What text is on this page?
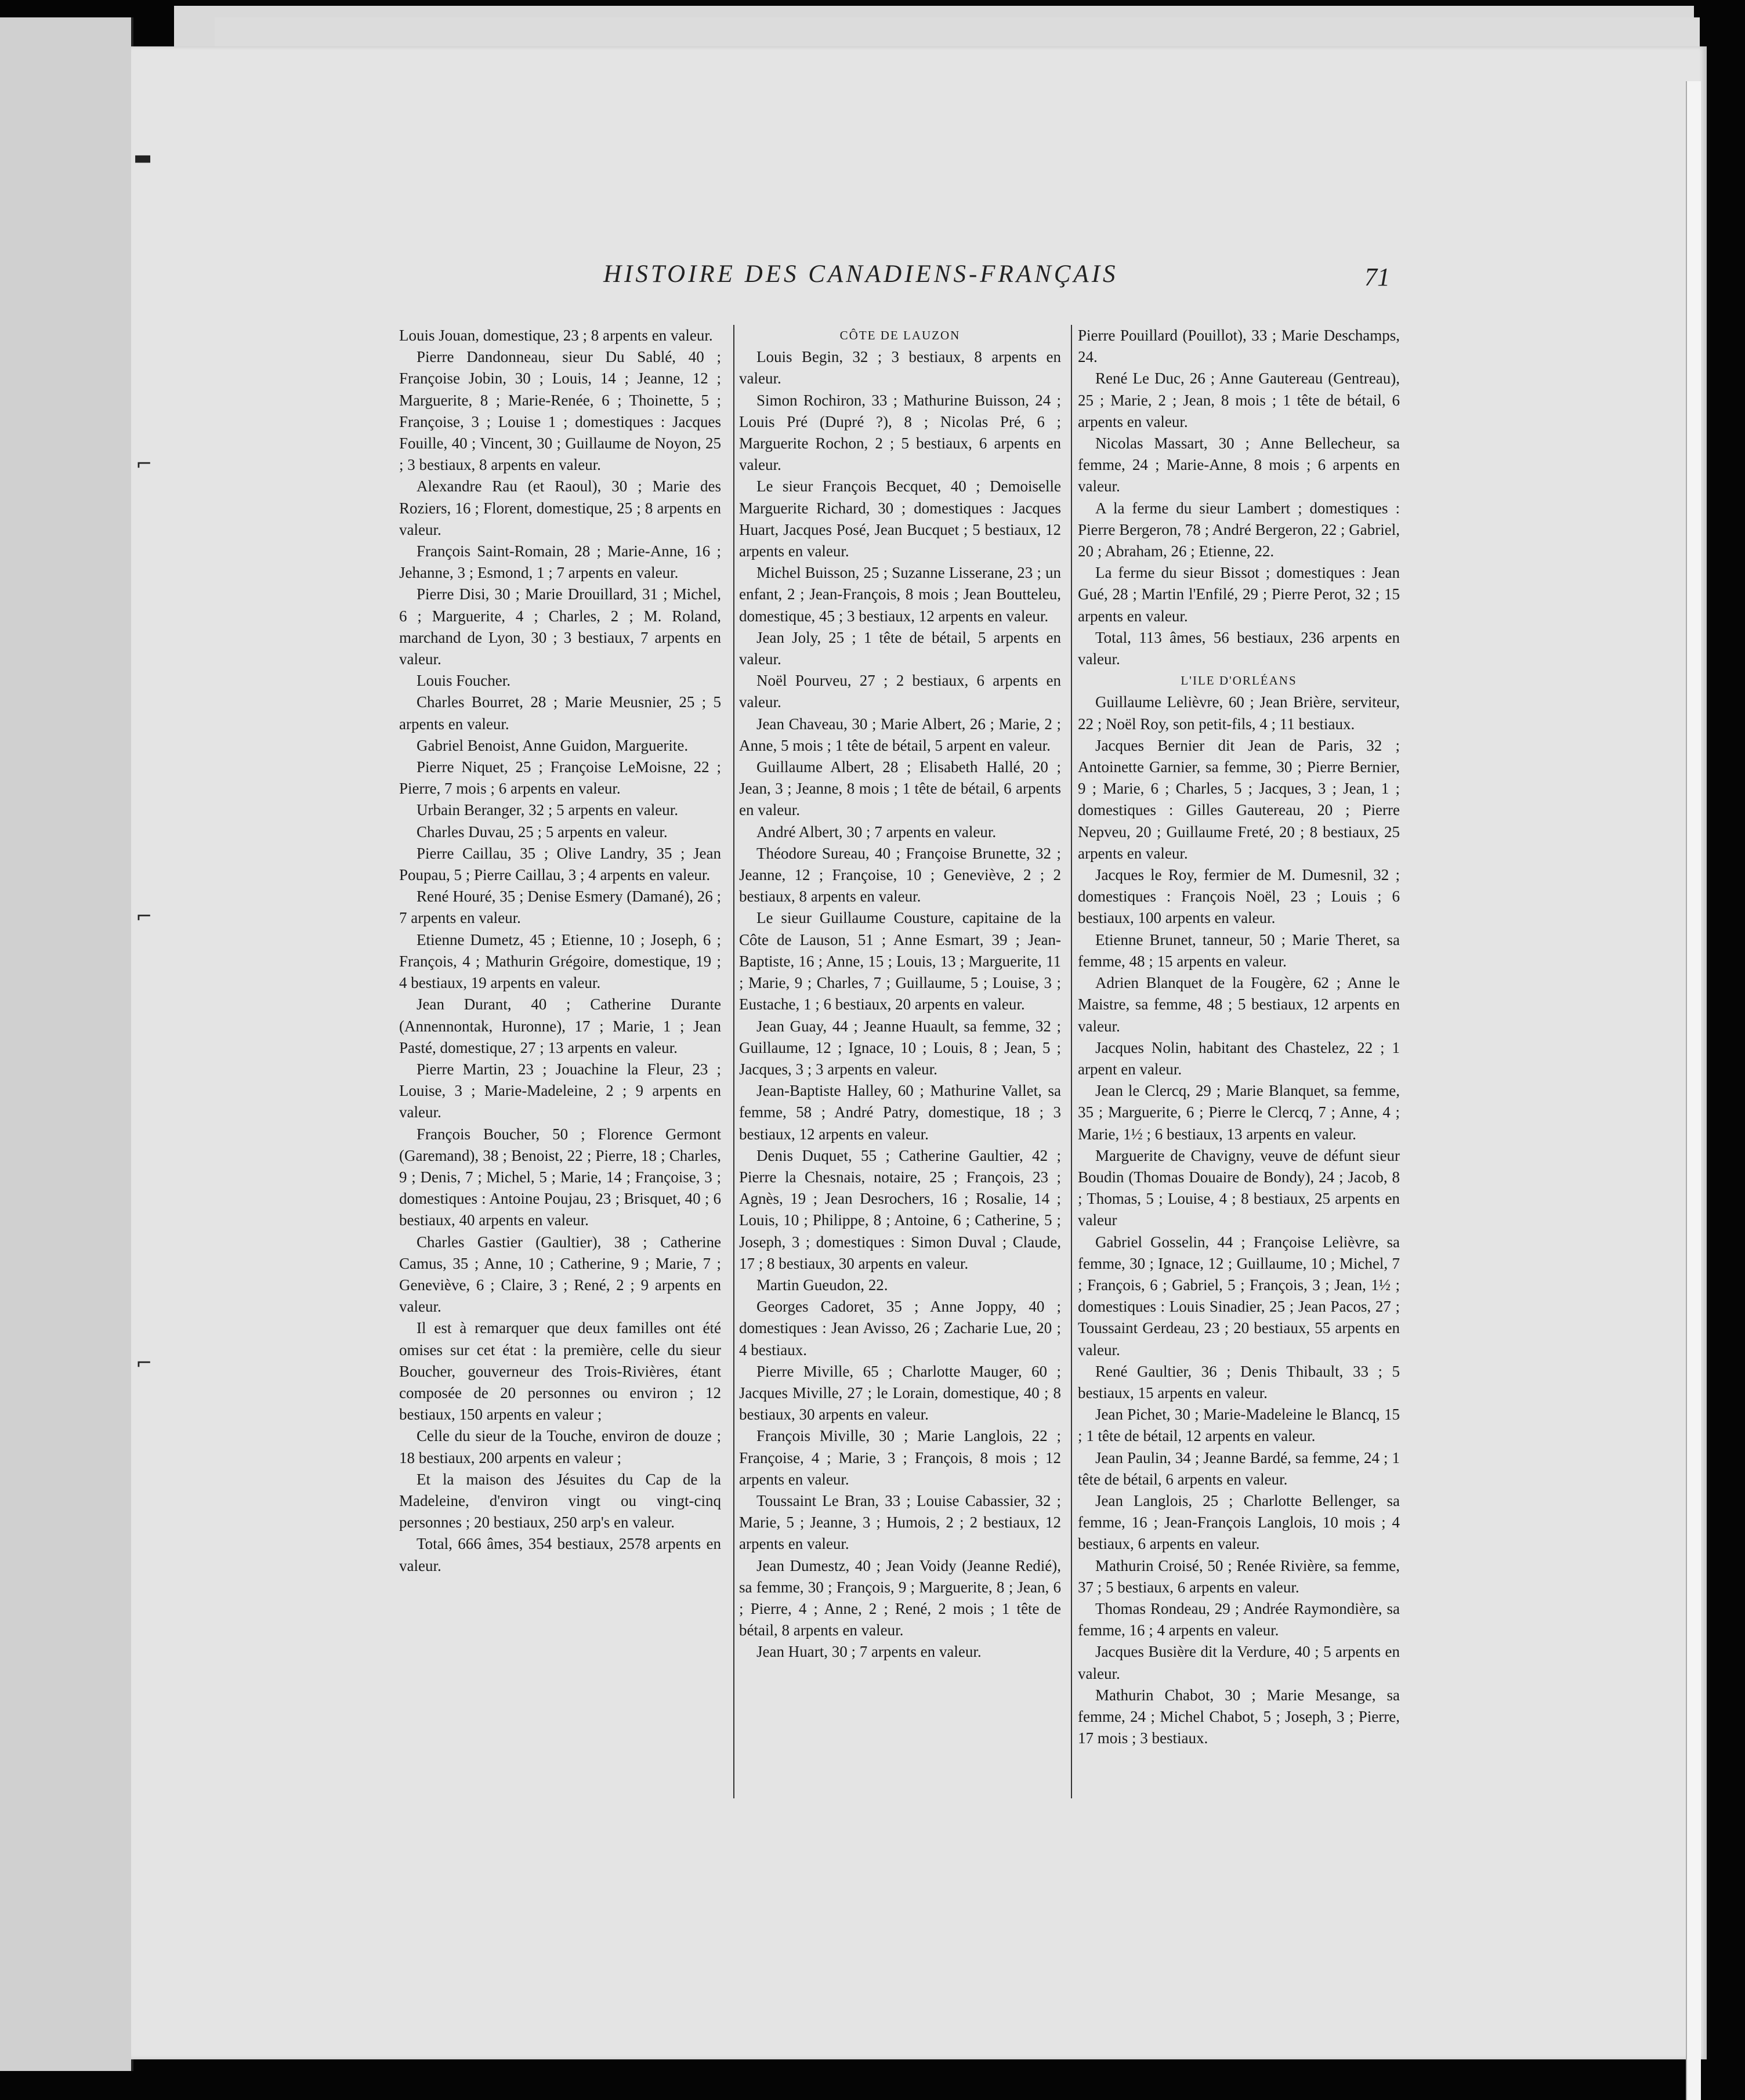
HISTOIRE DES CANADIENS-FRANÇAIS	71

Louis Jouan, domestique, 23 ; 8 arpents en valeur.

Pierre Dandonneau, sieur Du Sablé, 40 ; Françoise Jobin, 30 ; Louis, 14 ; Jeanne, 12 ; Marguerite, 8 ; Marie-Renée, 6 ; Thoinette, 5 ; Françoise, 3 ; Louise 1 ; domestiques : Jacques Fouille, 40 ; Vincent, 30 ; Guillaume de Noyon, 25 ; 3 bestiaux, 8 arpents en valeur.

Alexandre Rau (et Raoul), 30 ; Marie des Roziers, 16 ; Florent, domestique, 25 ; 8 arpents en valeur.

François Saint-Romain, 28 ; Marie-Anne, 16 ; Jehanne, 3 ; Esmond, 1 ; 7 arpents en valeur.

Pierre Disi, 30 ; Marie Drouillard, 31 ; Michel, 6 ; Marguerite, 4 ; Charles, 2 ; M. Roland, marchand de Lyon, 30 ; 3 bestiaux, 7 arpents en valeur.

Louis Foucher.

Charles Bourret, 28 ; Marie Meusnier, 25 ; 5 arpents en valeur.

Gabriel Benoist, Anne Guidon, Marguerite.

Pierre Niquet, 25 ; Françoise LeMoisne, 22 ; Pierre, 7 mois ; 6 arpents en valeur.

Urbain Beranger, 32 ; 5 arpents en valeur.

Charles Duvau, 25 ; 5 arpents en valeur.

Pierre Caillau, 35 ; Olive Landry, 35 ; Jean Poupau, 5 ; Pierre Caillau, 3 ; 4 arpents en valeur.

René Houré, 35 ; Denise Esmery (Damané), 26 ; 7 arpents en valeur.

Etienne Dumetz, 45 ; Etienne, 10 ; Joseph, 6 ; François, 4 ; Mathurin Grégoire, domestique, 19 ; 4 bestiaux, 19 arpents en valeur.

Jean Durant, 40 ; Catherine Durante (Annennontak, Huronne), 17 ; Marie, 1 ; Jean Pasté, domestique, 27 ; 13 arpents en valeur.

Pierre Martin, 23 ; Jouachine la Fleur, 23 ; Louise, 3 ; Marie-Madeleine, 2 ; 9 arpents en valeur.

François Boucher, 50 ; Florence Germont (Garemand), 38 ; Benoist, 22 ; Pierre, 18 ; Charles, 9 ; Denis, 7 ; Michel, 5 ; Marie, 14 ; Françoise, 3 ; domestiques : Antoine Poujau, 23 ; Brisquet, 40 ; 6 bestiaux, 40 arpents en valeur.

Charles Gastier (Gaultier), 38 ; Catherine Camus, 35 ; Anne, 10 ; Catherine, 9 ; Marie, 7 ; Geneviève, 6 ; Claire, 3 ; René, 2 ; 9 arpents en valeur.

Il est à remarquer que deux familles ont été omises sur cet état : la première, celle du sieur Boucher, gouverneur des Trois-Rivières, étant composée de 20 personnes ou environ ; 12 bestiaux, 150 arpents en valeur ;

Celle du sieur de la Touche, environ de douze ; 18 bestiaux, 200 arpents en valeur ;

Et la maison des Jésuites du Cap de la Madeleine, d'environ vingt ou vingt-cinq personnes ; 20 bestiaux, 250 arp's en valeur.

Total, 666 âmes, 354 bestiaux, 2578 arpents en valeur.

CÔTE DE LAUZON

Louis Begin, 32 ; 3 bestiaux, 8 arpents en valeur.

Simon Rochiron, 33 ; Mathurine Buisson, 24 ; Louis Pré (Dupré ?), 8 ; Nicolas Pré, 6 ; Marguerite Rochon, 2 ; 5 bestiaux, 6 arpents en valeur.

Le sieur François Becquet, 40 ; Demoiselle Marguerite Richard, 30 ; domestiques : Jacques Huart, Jacques Posé, Jean Bucquet ; 5 bestiaux, 12 arpents en valeur.

Michel Buisson, 25 ; Suzanne Lisserane, 23 ; un enfant, 2 ; Jean-François, 8 mois ; Jean Boutteleu, domestique, 45 ; 3 bestiaux, 12 arpents en valeur.

Jean Joly, 25 ; 1 tête de bétail, 5 arpents en valeur.

Noël Pourveu, 27 ; 2 bestiaux, 6 arpents en valeur.

Jean Chaveau, 30 ; Marie Albert, 26 ; Marie, 2 ; Anne, 5 mois ; 1 tête de bétail, 5 arpent en valeur.

Guillaume Albert, 28 ; Elisabeth Hallé, 20 ; Jean, 3 ; Jeanne, 8 mois ; 1 tête de bétail, 6 arpents en valeur.

André Albert, 30 ; 7 arpents en valeur.

Théodore Sureau, 40 ; Françoise Brunette, 32 ; Jeanne, 12 ; Françoise, 10 ; Geneviève, 2 ; 2 bestiaux, 8 arpents en valeur.

Le sieur Guillaume Cousture, capitaine de la Côte de Lauson, 51 ; Anne Esmart, 39 ; Jean-Baptiste, 16 ; Anne, 15 ; Louis, 13 ; Marguerite, 11 ; Marie, 9 ; Charles, 7 ; Guillaume, 5 ; Louise, 3 ; Eustache, 1 ; 6 bestiaux, 20 arpents en valeur.

Jean Guay, 44 ; Jeanne Huault, sa femme, 32 ; Guillaume, 12 ; Ignace, 10 ; Louis, 8 ; Jean, 5 ; Jacques, 3 ; 3 arpents en valeur.

Jean-Baptiste Halley, 60 ; Mathurine Vallet, sa femme, 58 ; André Patry, domestique, 18 ; 3 bestiaux, 12 arpents en valeur.

Denis Duquet, 55 ; Catherine Gaultier, 42 ; Pierre la Chesnais, notaire, 25 ; François, 23 ; Agnès, 19 ; Jean Desrochers, 16 ; Rosalie, 14 ; Louis, 10 ; Philippe, 8 ; Antoine, 6 ; Catherine, 5 ; Joseph, 3 ; domestiques : Simon Duval ; Claude, 17 ; 8 bestiaux, 30 arpents en valeur.

Martin Gueudon, 22.

Georges Cadoret, 35 ; Anne Joppy, 40 ; domestiques : Jean Avisso, 26 ; Zacharie Lue, 20 ; 4 bestiaux.

Pierre Miville, 65 ; Charlotte Mauger, 60 ; Jacques Miville, 27 ; le Lorain, domestique, 40 ; 8 bestiaux, 30 arpents en valeur.

François Miville, 30 ; Marie Langlois, 22 ; Françoise, 4 ; Marie, 3 ; François, 8 mois ; 12 arpents en valeur.

Toussaint Le Bran, 33 ; Louise Cabassier, 32 ; Marie, 5 ; Jeanne, 3 ; Humois, 2 ; 2 bestiaux, 12 arpents en valeur.

Jean Dumestz, 40 ; Jean Voidy (Jeanne Redié), sa femme, 30 ; François, 9 ; Marguerite, 8 ; Jean, 6 ; Pierre, 4 ; Anne, 2 ; René, 2 mois ; 1 tête de bétail, 8 arpents en valeur.

Jean Huart, 30 ; 7 arpents en valeur.

Pierre Pouillard (Pouillot), 33 ; Marie Deschamps, 24.

René Le Duc, 26 ; Anne Gautereau (Gentreau), 25 ; Marie, 2 ; Jean, 8 mois ; 1 tête de bétail, 6 arpents en valeur.

Nicolas Massart, 30 ; Anne Bellecheur, sa femme, 24 ; Marie-Anne, 8 mois ; 6 arpents en valeur.

A la ferme du sieur Lambert ; domestiques : Pierre Bergeron, 78 ; André Bergeron, 22 ; Gabriel, 20 ; Abraham, 26 ; Etienne, 22.

La ferme du sieur Bissot ; domestiques : Jean Gué, 28 ; Martin l'Enfilé, 29 ; Pierre Perot, 32 ; 15 arpents en valeur.

Total, 113 âmes, 56 bestiaux, 236 arpents en valeur.

L'ILE D'ORLÉANS

Guillaume Lelièvre, 60 ; Jean Brière, serviteur, 22 ; Noël Roy, son petit-fils, 4 ; 11 bestiaux.

Jacques Bernier dit Jean de Paris, 32 ; Antoinette Garnier, sa femme, 30 ; Pierre Bernier, 9 ; Marie, 6 ; Charles, 5 ; Jacques, 3 ; Jean, 1 ; domestiques : Gilles Gautereau, 20 ; Pierre Nepveu, 20 ; Guillaume Freté, 20 ; 8 bestiaux, 25 arpents en valeur.

Jacques le Roy, fermier de M. Dumesnil, 32 ; domestiques : François Noël, 23 ; Louis ; 6 bestiaux, 100 arpents en valeur.

Etienne Brunet, tanneur, 50 ; Marie Theret, sa femme, 48 ; 15 arpents en valeur.

Adrien Blanquet de la Fougère, 62 ; Anne le Maistre, sa femme, 48 ; 5 bestiaux, 12 arpents en valeur.

Jacques Nolin, habitant des Chastelez, 22 ; 1 arpent en valeur.

Jean le Clercq, 29 ; Marie Blanquet, sa femme, 35 ; Marguerite, 6 ; Pierre le Clercq, 7 ; Anne, 4 ; Marie, 1½ ; 6 bestiaux, 13 arpents en valeur.

Marguerite de Chavigny, veuve de défunt sieur Boudin (Thomas Douaire de Bondy), 24 ; Jacob, 8 ; Thomas, 5 ; Louise, 4 ; 8 bestiaux, 25 arpents en valeur

Gabriel Gosselin, 44 ; Françoise Lelièvre, sa femme, 30 ; Ignace, 12 ; Guillaume, 10 ; Michel, 7 ; François, 6 ; Gabriel, 5 ; François, 3 ; Jean, 1½ ; domestiques : Louis Sinadier, 25 ; Jean Pacos, 27 ; Toussaint Gerdeau, 23 ; 20 bestiaux, 55 arpents en valeur.

René Gaultier, 36 ; Denis Thibault, 33 ; 5 bestiaux, 15 arpents en valeur.

Jean Pichet, 30 ; Marie-Madeleine le Blancq, 15 ; 1 tête de bétail, 12 arpents en valeur.

Jean Paulin, 34 ; Jeanne Bardé, sa femme, 24 ; 1 tête de bétail, 6 arpents en valeur.

Jean Langlois, 25 ; Charlotte Bellenger, sa femme, 16 ; Jean-François Langlois, 10 mois ; 4 bestiaux, 6 arpents en valeur.

Mathurin Croisé, 50 ; Renée Rivière, sa femme, 37 ; 5 bestiaux, 6 arpents en valeur.

Thomas Rondeau, 29 ; Andrée Raymondière, sa femme, 16 ; 4 arpents en valeur.

Jacques Busière dit la Verdure, 40 ; 5 arpents en valeur.

Mathurin Chabot, 30 ; Marie Mesange, sa femme, 24 ; Michel Chabot, 5 ; Joseph, 3 ; Pierre, 17 mois ; 3 bestiaux.

▬
⌐
⌐
⌐
